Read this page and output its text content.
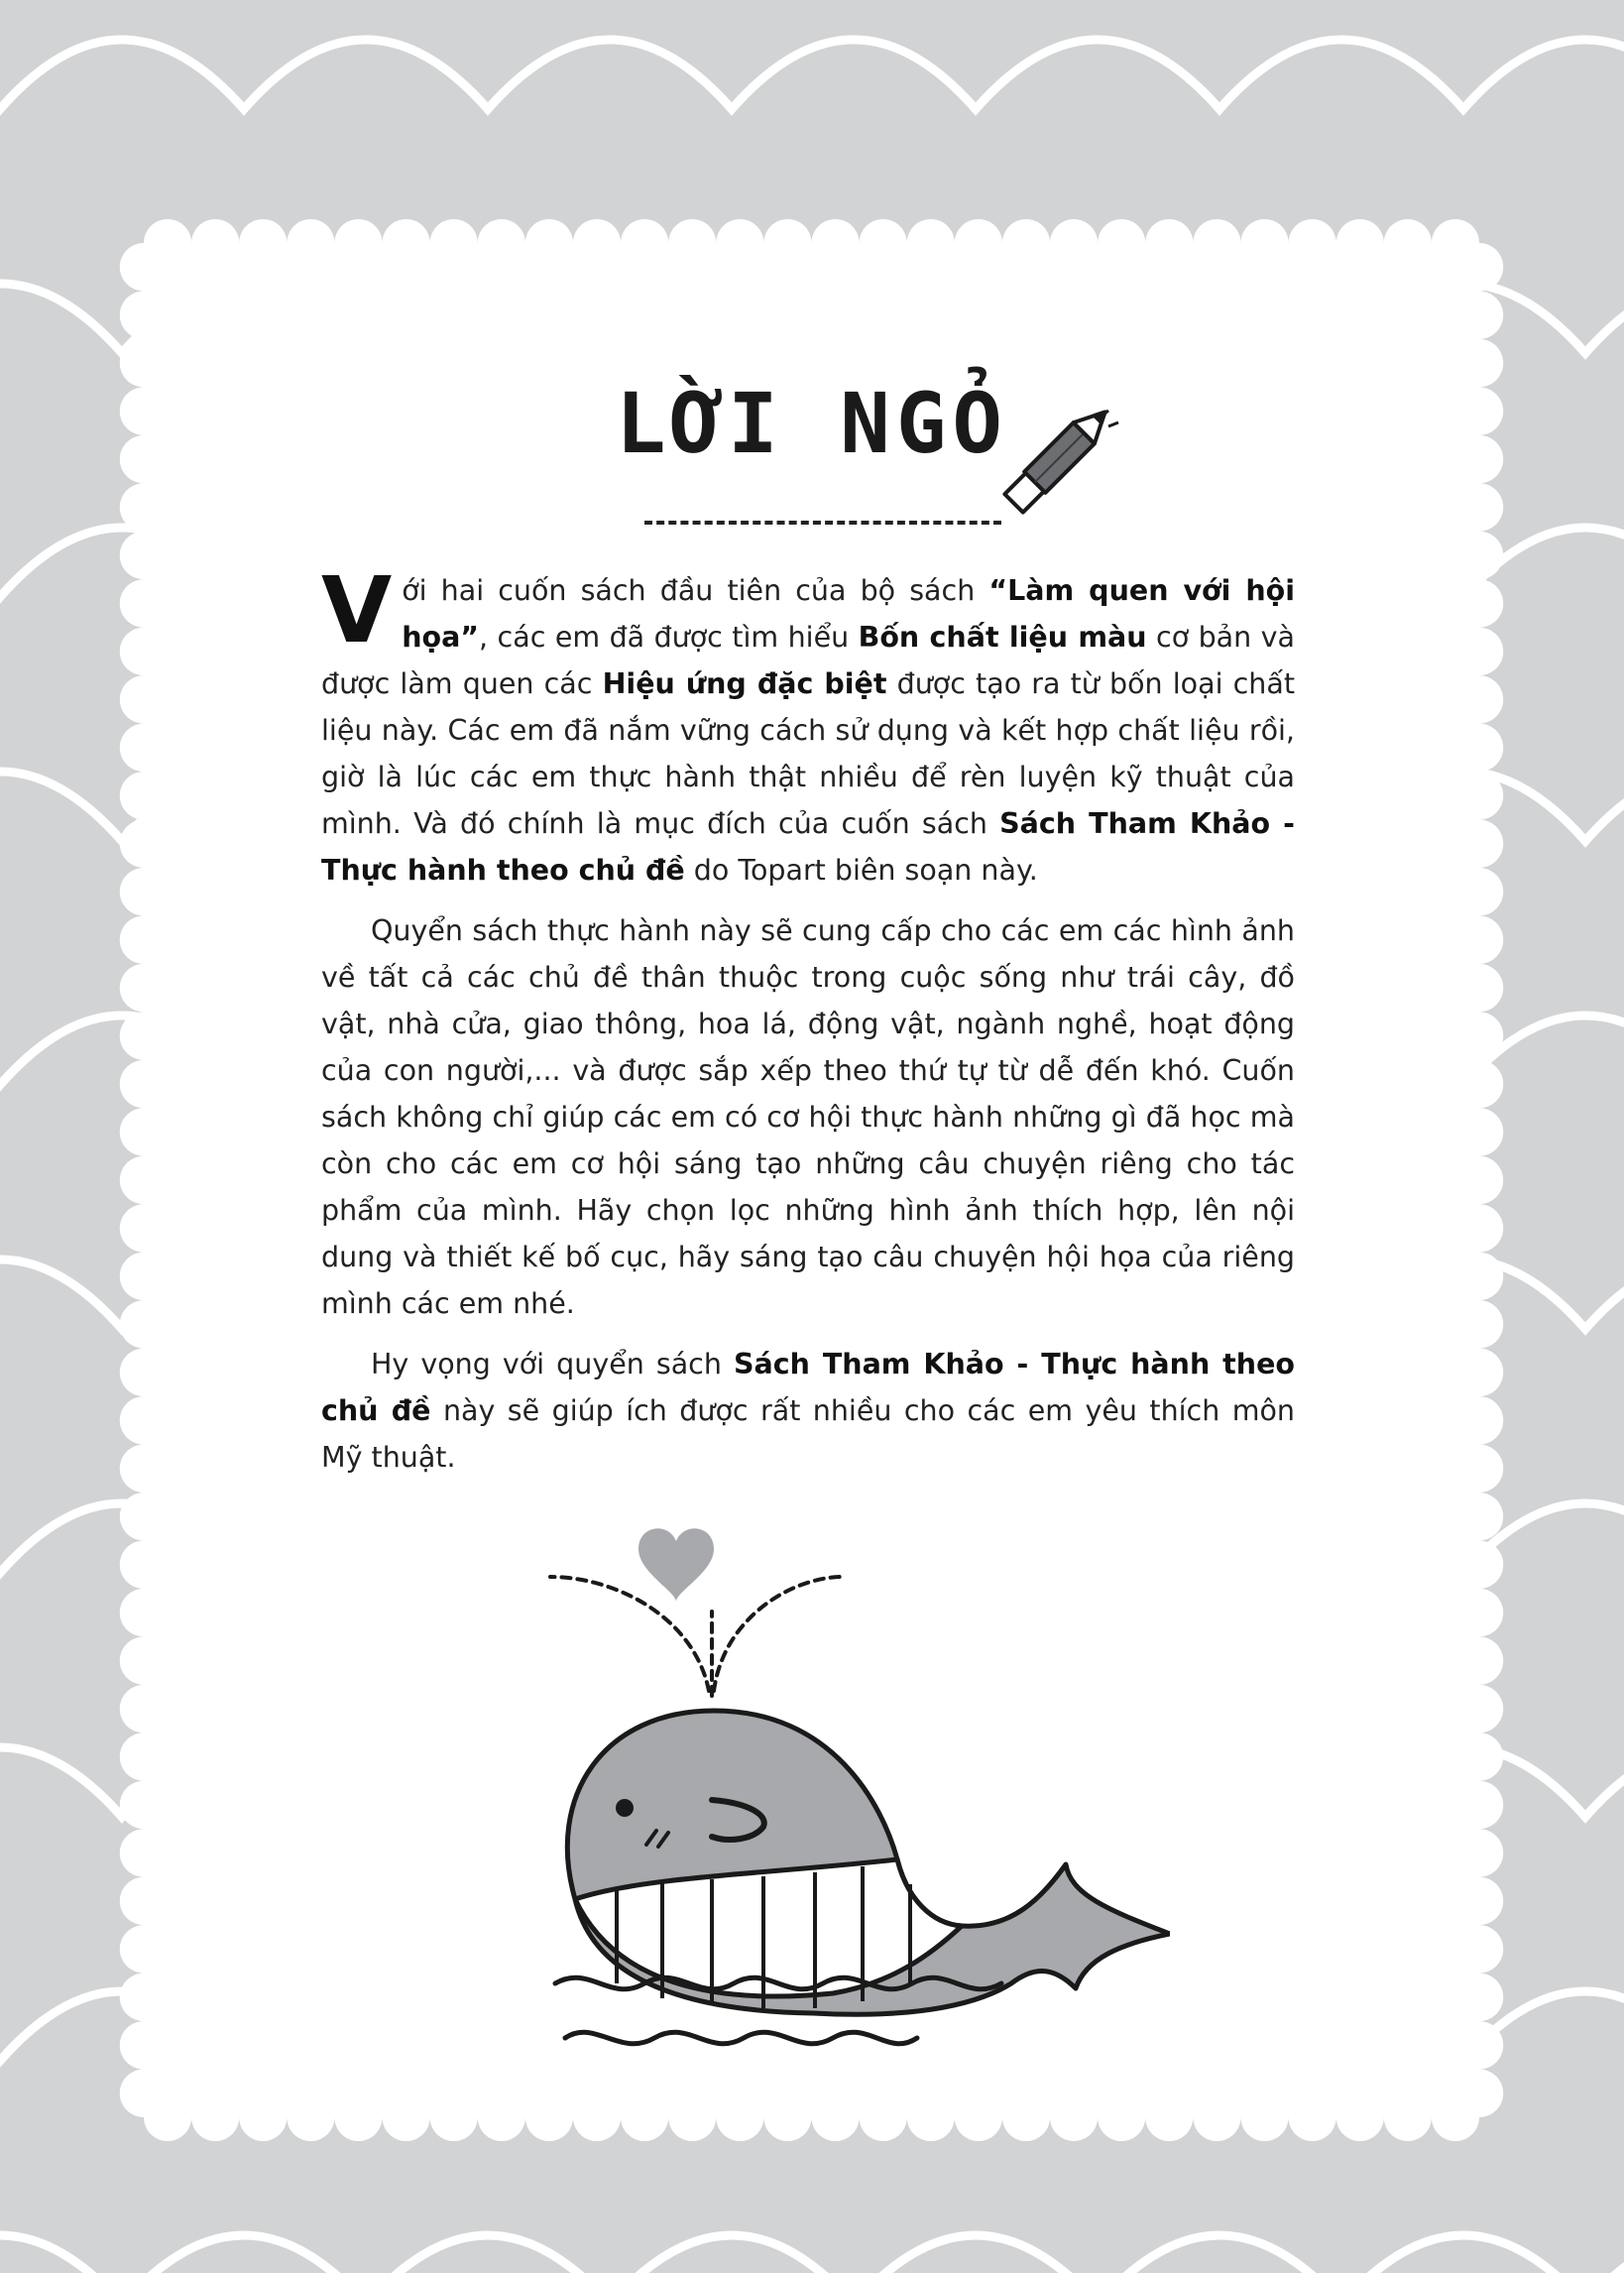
LỜI NGỎ

Với hai cuốn sách đầu tiên của bộ sách “Làm quen với hội họa”, các em đã được tìm hiểu Bốn chất liệu màu cơ bản và được làm quen các Hiệu ứng đặc biệt được tạo ra từ bốn loại chất liệu này. Các em đã nắm vững cách sử dụng và kết hợp chất liệu rồi, giờ là lúc các em thực hành thật nhiều để rèn luyện kỹ thuật của mình. Và đó chính là mục đích của cuốn sách Sách Tham Khảo - Thực hành theo chủ đề do Topart biên soạn này.

Quyển sách thực hành này sẽ cung cấp cho các em các hình ảnh về tất cả các chủ đề thân thuộc trong cuộc sống như trái cây, đồ vật, nhà cửa, giao thông, hoa lá, động vật, ngành nghề, hoạt động của con người,... và được sắp xếp theo thứ tự từ dễ đến khó. Cuốn sách không chỉ giúp các em có cơ hội thực hành những gì đã học mà còn cho các em cơ hội sáng tạo những câu chuyện riêng cho tác phẩm của mình. Hãy chọn lọc những hình ảnh thích hợp, lên nội dung và thiết kế bố cục, hãy sáng tạo câu chuyện hội họa của riêng mình các em nhé.

Hy vọng với quyển sách Sách Tham Khảo - Thực hành theo chủ đề này sẽ giúp ích được rất nhiều cho các em yêu thích môn Mỹ thuật.
